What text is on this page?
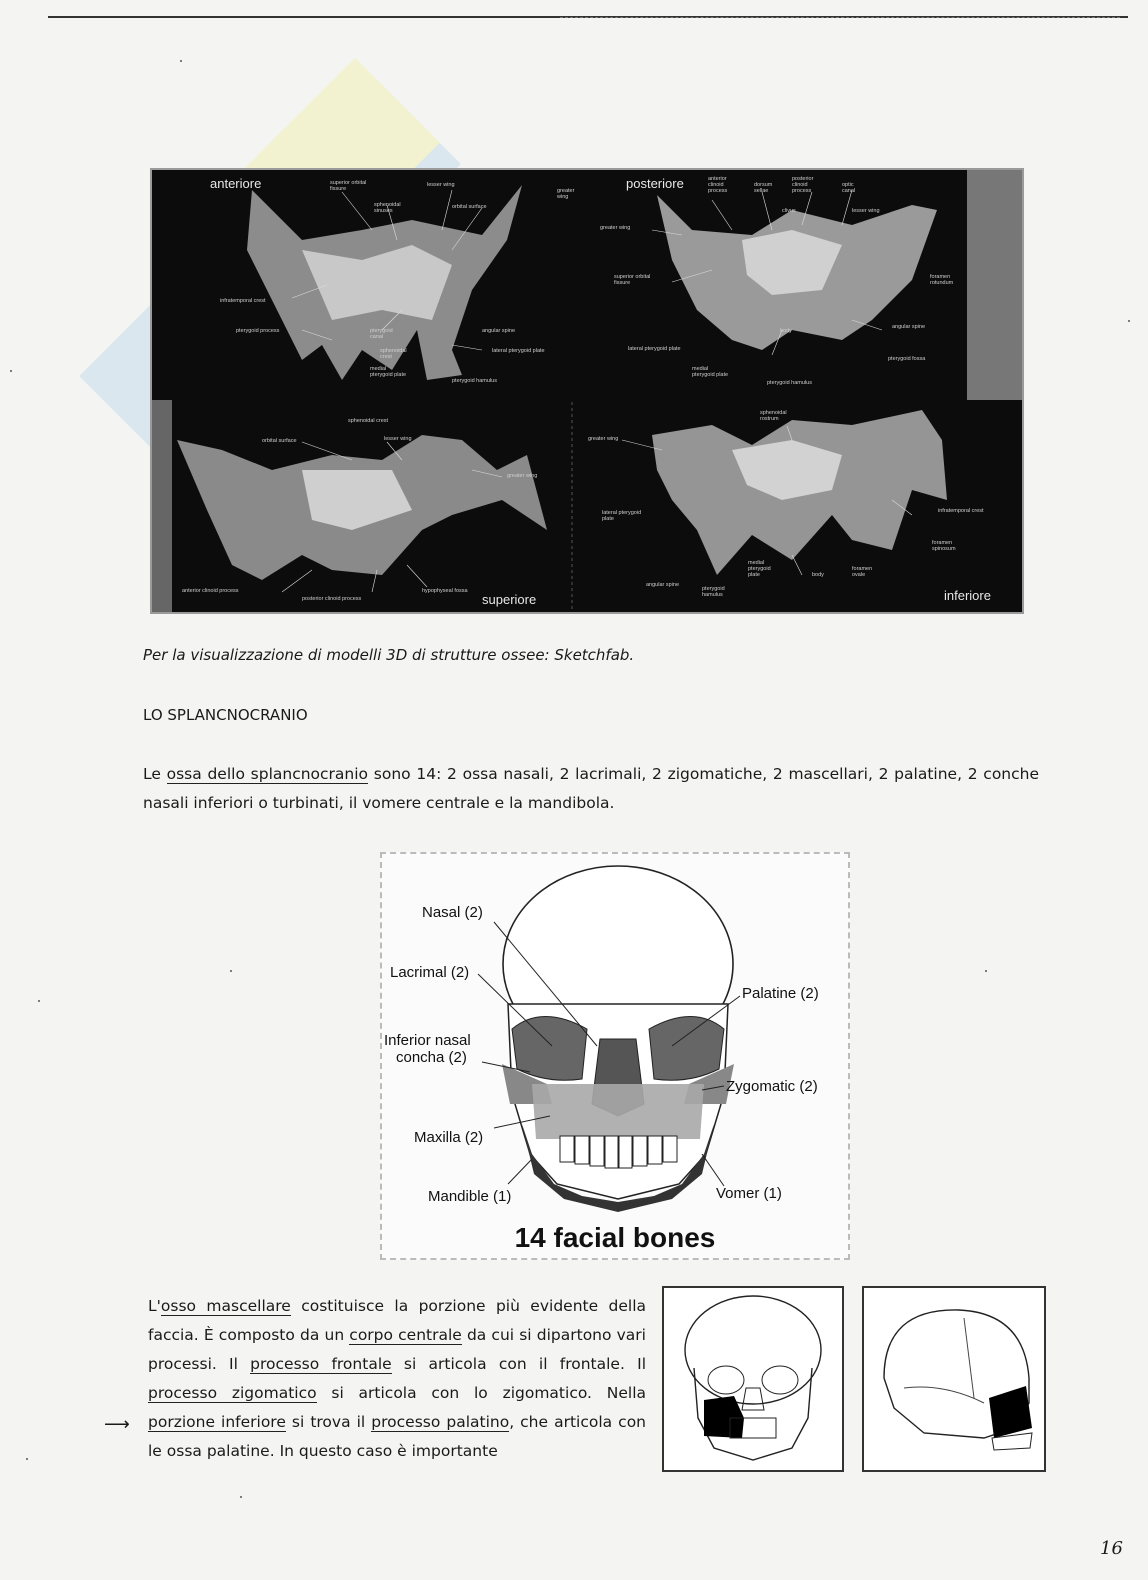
anteriore	posteriore
superiore	inferiore
superior orbital fissure
lesser wing
greater wing
sphenoidal sinuses
orbital surface
infratemporal crest
pterygoid process	pterygoid canal
sphenoidal crest
angular spine
lateral pterygoid plate
medial pterygoid plate
pterygoid hamulus
anterior clinoid process
dorsum sellae
posterior clinoid process
optic canal
lesser wing
greater wing
clivus
superior orbital fissure
foramen rotundum
angular spine
body
lateral pterygoid plate
medial pterygoid plate
pterygoid hamulus
pterygoid fossa
sphenoidal crest
orbital surface	lesser wing
greater wing
anterior clinoid process
posterior clinoid process
hypophyseal fossa
sphenoidal rostrum
greater wing
lateral pterygoid plate
infratemporal crest
angular spine
medial pterygoid plate
pterygoid hamulus
body
foramen ovale
foramen spinosum
Per la visualizzazione di modelli 3D di strutture ossee: Sketchfab.
LO SPLANCNOCRANIO
Le ossa dello splancnocranio sono 14: 2 ossa nasali, 2 lacrimali, 2 zigomatiche, 2 mascellari, 2 palatine, 2 conche nasali inferiori o turbinati, il vomere centrale e la mandibola.
Nasal (2)
Lacrimal (2)
Palatine (2)
Inferior nasal
concha (2)
Zygomatic (2)
Maxilla (2)
Mandible (1)	Vomer (1)
14 facial bones
⟶
L'osso mascellare costituisce la porzione più evidente della faccia. È composto da un corpo centrale da cui si dipartono vari processi. Il processo frontale si articola con il frontale. Il processo zigomatico si articola con lo zigomatico. Nella porzione inferiore si trova il processo palatino, che articola con le ossa palatine. In questo caso è importante
16
